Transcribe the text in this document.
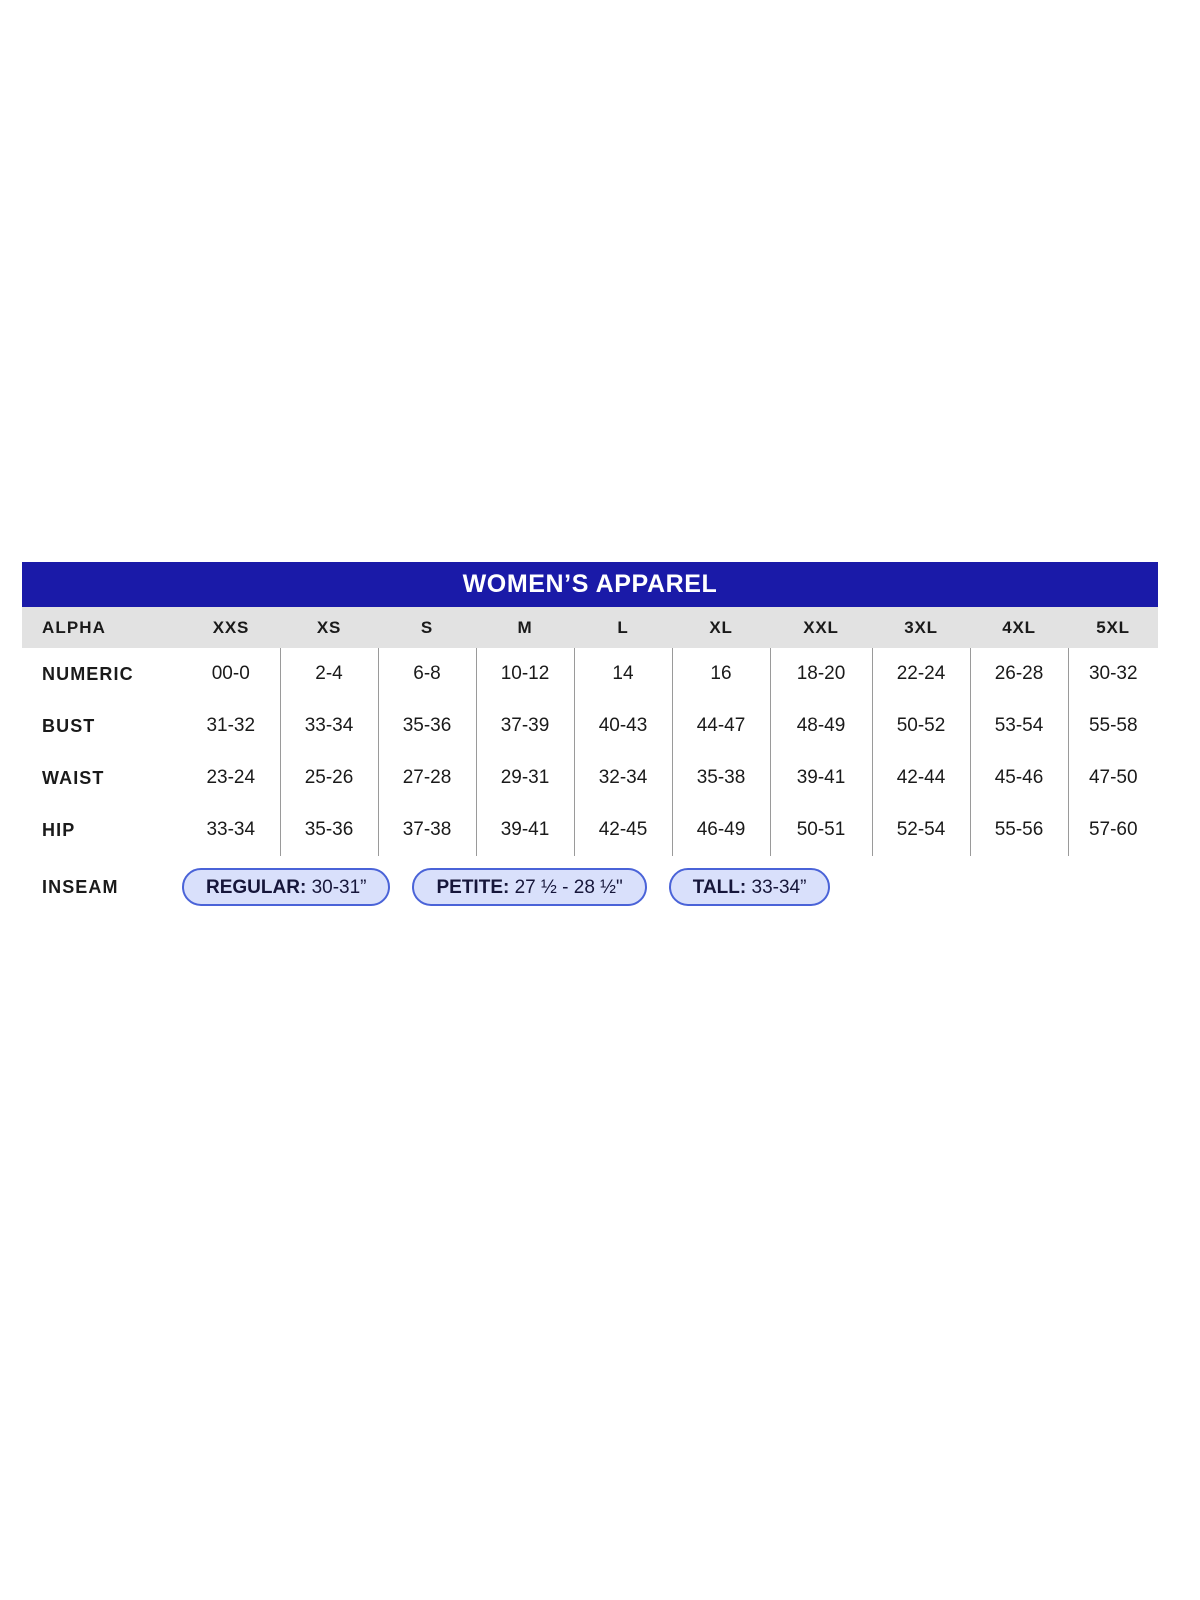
WOMEN’S APPAREL
ALPHA	XXS	XS	S	M	L	XL	XXL	3XL	4XL	5XL
NUMERIC	00-0	2-4	6-8	10-12	14	16	18-20	22-24	26-28	30-32
BUST	31-32	33-34	35-36	37-39	40-43	44-47	48-49	50-52	53-54	55-58
WAIST	23-24	25-26	27-28	29-31	32-34	35-38	39-41	42-44	45-46	47-50
HIP	33-34	35-36	37-38	39-41	42-45	46-49	50-51	52-54	55-56	57-60
INSEAM	REGULAR: 30-31”	PETITE: 27 ½ - 28 ½"	TALL: 33-34”
